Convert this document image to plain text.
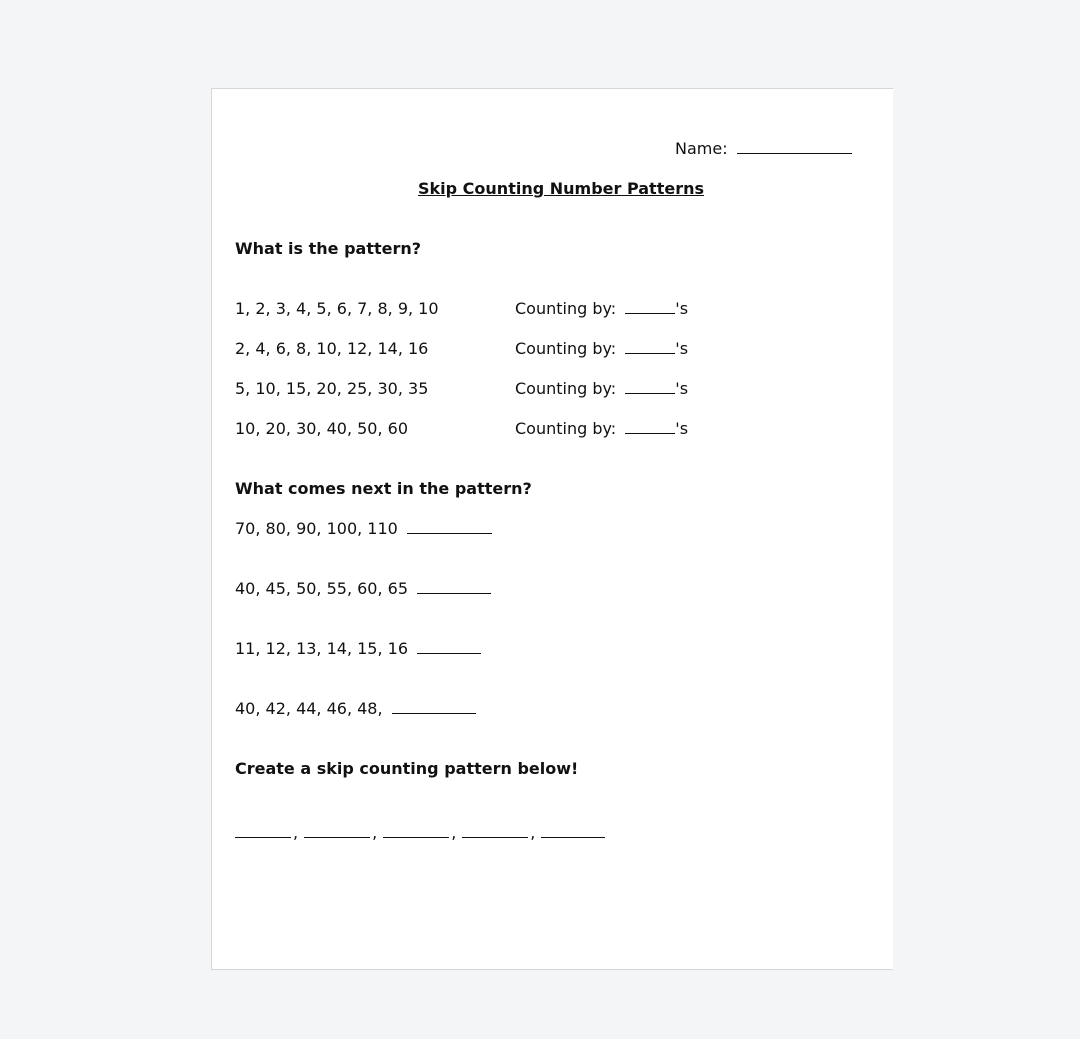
Name:
Skip Counting Number Patterns
What is the pattern?
1, 2, 3, 4, 5, 6, 7, 8, 9, 10	Counting by:	's
2, 4, 6, 8, 10, 12, 14, 16	Counting by:	's
5, 10, 15, 20, 25, 30, 35	Counting by:	's
10, 20, 30, 40, 50, 60	Counting by:	's
What comes next in the pattern?
70, 80, 90, 100, 110
40, 45, 50, 55, 60, 65
11, 12, 13, 14, 15, 16
40, 42, 44, 46, 48,
Create a skip counting pattern below!
,	,	,	,
